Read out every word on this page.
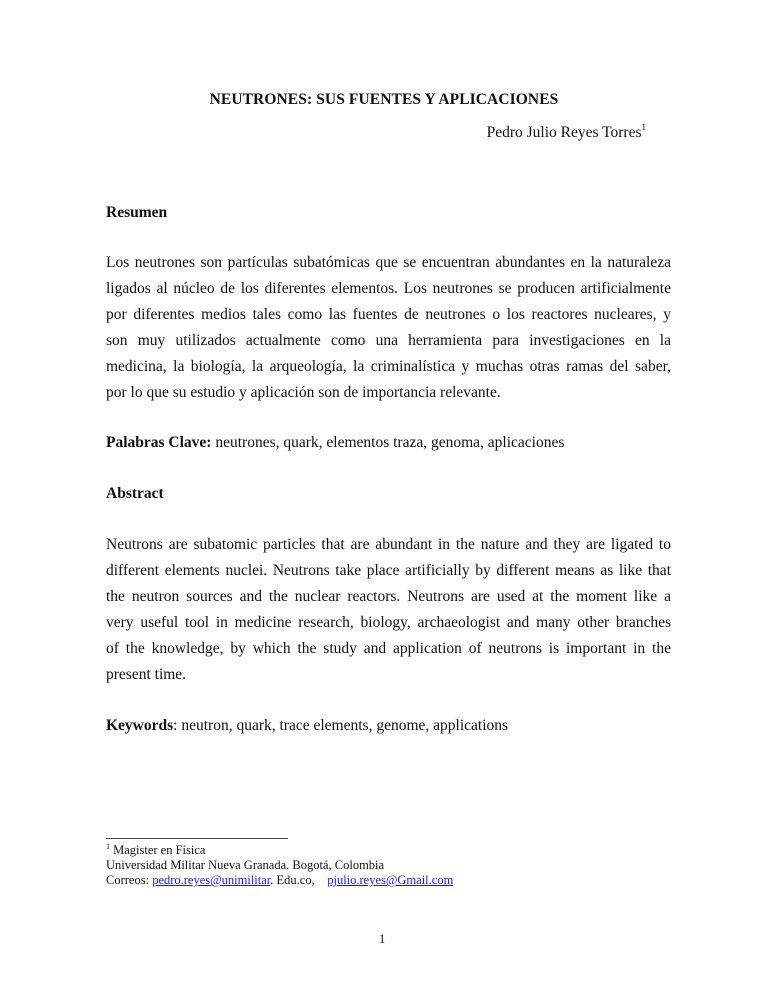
NEUTRONES: SUS FUENTES Y APLICACIONES
Pedro Julio Reyes Torres$^1$
Resumen
Los neutrones son partículas subatómicas que se encuentran abundantes en la naturaleza
ligados al núcleo de los diferentes elementos. Los neutrones se producen artificialmente
por diferentes medios tales como las fuentes de neutrones o los reactores nucleares, y
son muy utilizados actualmente como una herramienta para investigaciones en la
medicina, la biología, la arqueología, la criminalística y muchas otras ramas del saber,
por lo que su estudio y aplicación son de importancia relevante.
Palabras Clave: neutrones, quark, elementos traza, genoma, aplicaciones
Abstract
Neutrons are subatomic particles that are abundant in the nature and they are ligated to
different elements nuclei. Neutrons take place artificially by different means as like that
the neutron sources and the nuclear reactors. Neutrons are used at the moment like a
very useful tool in medicine research, biology, archaeologist and many other branches
of the knowledge, by which the study and application of neutrons is important in the
present time.
Keywords: neutron, quark, trace elements, genome, applications
$^1$ Magister en Física
Universidad Militar Nueva Granada. Bogotá, Colombia
Correos: pedro.reyes@unimilitar. Edu.co,    pjulio.reyes@Gmail.com
1
